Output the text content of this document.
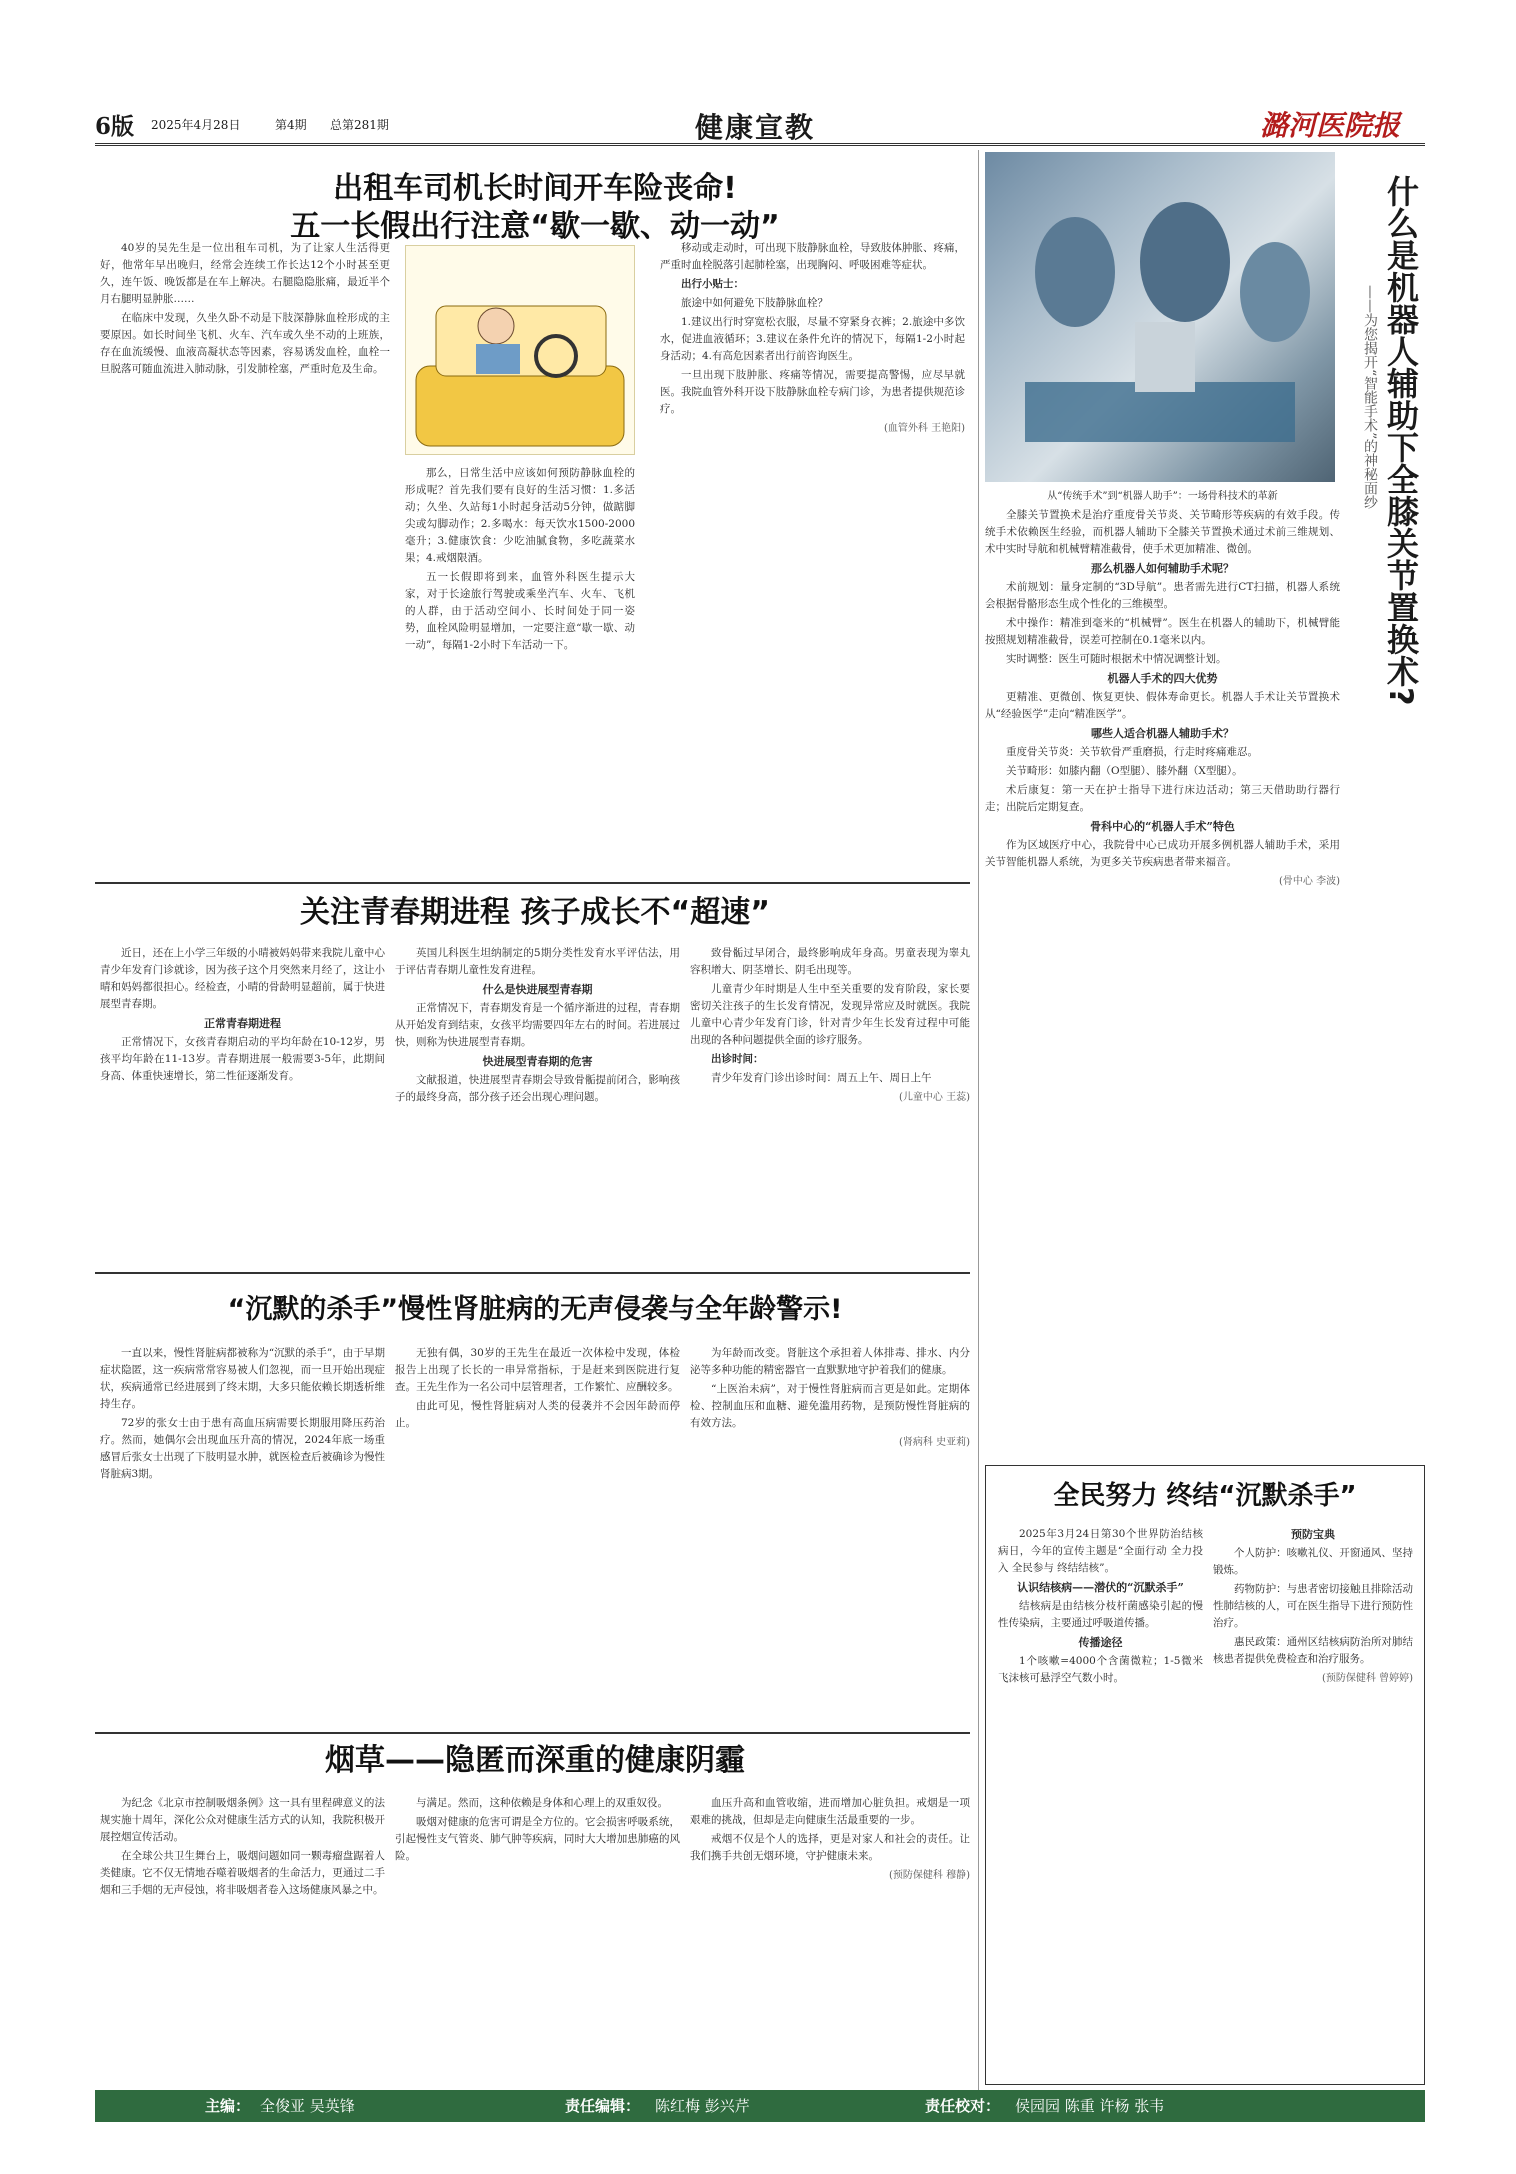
6版 2025年4月28日	第4期 总第281期	健康宣教	潞河医院报
出租车司机长时间开车险丧命!
五一长假出行注意“歇一歇、动一动”

40岁的吴先生是一位出租车司机，为了让家人生活得更好，他常年早出晚归，经常会连续工作长达12个小时甚至更久，连午饭、晚饭都是在车上解决。右腿隐隐胀痛，最近半个月右腿明显肿胀……

在临床中发现，久坐久卧不动是下肢深静脉血栓形成的主要原因。如长时间坐飞机、火车、汽车或久坐不动的上班族，存在血流缓慢、血液高凝状态等因素，容易诱发血栓，血栓一旦脱落可随血流进入肺动脉，引发肺栓塞，严重时危及生命。

那么，日常生活中应该如何预防静脉血栓的形成呢？首先我们要有良好的生活习惯：1.多活动；久坐、久站每1小时起身活动5分钟，做踮脚尖或勾脚动作；2.多喝水：每天饮水1500-2000毫升；3.健康饮食：少吃油腻食物，多吃蔬菜水果；4.戒烟限酒。

五一长假即将到来，血管外科医生提示大家，对于长途旅行驾驶或乘坐汽车、火车、飞机的人群，由于活动空间小、长时间处于同一姿势，血栓风险明显增加，一定要注意“歇一歇、动一动”，每隔1-2小时下车活动一下。

移动或走动时，可出现下肢静脉血栓，导致肢体肿胀、疼痛，严重时血栓脱落引起肺栓塞，出现胸闷、呼吸困难等症状。

出行小贴士：

旅途中如何避免下肢静脉血栓？

1.建议出行时穿宽松衣服，尽量不穿紧身衣裤；2.旅途中多饮水，促进血液循环；3.建议在条件允许的情况下，每隔1-2小时起身活动；4.有高危因素者出行前咨询医生。

一旦出现下肢肿胀、疼痛等情况，需要提高警惕，应尽早就医。我院血管外科开设下肢静脉血栓专病门诊，为患者提供规范诊疗。

(血管外科 王艳阳)

关注青春期进程 孩子成长不“超速”

近日，还在上小学三年级的小晴被妈妈带来我院儿童中心青少年发育门诊就诊，因为孩子这个月突然来月经了，这让小晴和妈妈都很担心。经检查，小晴的骨龄明显超前，属于快进展型青春期。

正常青春期进程

正常情况下，女孩青春期启动的平均年龄在10-12岁，男孩平均年龄在11-13岁。青春期进展一般需要3-5年，此期间身高、体重快速增长，第二性征逐渐发育。

英国儿科医生坦纳制定的5期分类性发育水平评估法，用于评估青春期儿童性发育进程。

什么是快进展型青春期

正常情况下，青春期发育是一个循序渐进的过程，青春期从开始发育到结束，女孩平均需要四年左右的时间。若进展过快，则称为快进展型青春期。

快进展型青春期的危害

文献报道，快进展型青春期会导致骨骺提前闭合，影响孩子的最终身高，部分孩子还会出现心理问题。

致骨骺过早闭合，最终影响成年身高。男童表现为睾丸容积增大、阴茎增长、阴毛出现等。

儿童青少年时期是人生中至关重要的发育阶段，家长要密切关注孩子的生长发育情况，发现异常应及时就医。我院儿童中心青少年发育门诊，针对青少年生长发育过程中可能出现的各种问题提供全面的诊疗服务。

出诊时间：

青少年发育门诊出诊时间：周五上午、周日上午

(儿童中心 王蕊)

“沉默的杀手”慢性肾脏病的无声侵袭与全年龄警示!

一直以来，慢性肾脏病都被称为“沉默的杀手”，由于早期症状隐匿，这一疾病常常容易被人们忽视，而一旦开始出现症状，疾病通常已经进展到了终末期，大多只能依赖长期透析维持生存。

72岁的张女士由于患有高血压病需要长期服用降压药治疗。然而，她偶尔会出现血压升高的情况，2024年底一场重感冒后张女士出现了下肢明显水肿，就医检查后被确诊为慢性肾脏病3期。

无独有偶，30岁的王先生在最近一次体检中发现，体检报告上出现了长长的一串异常指标，于是赶来到医院进行复查。王先生作为一名公司中层管理者，工作繁忙、应酬较多。

由此可见，慢性肾脏病对人类的侵袭并不会因年龄而停止。

为年龄而改变。肾脏这个承担着人体排毒、排水、内分泌等多种功能的精密器官一直默默地守护着我们的健康。

“上医治未病”，对于慢性肾脏病而言更是如此。定期体检、控制血压和血糖、避免滥用药物，是预防慢性肾脏病的有效方法。

(肾病科 史亚莉)

烟草——隐匿而深重的健康阴霾

为纪念《北京市控制吸烟条例》这一具有里程碑意义的法规实施十周年，深化公众对健康生活方式的认知，我院积极开展控烟宣传活动。

在全球公共卫生舞台上，吸烟问题如同一颗毒瘤盘踞着人类健康。它不仅无情地吞噬着吸烟者的生命活力，更通过二手烟和三手烟的无声侵蚀，将非吸烟者卷入这场健康风暴之中。

与满足。然而，这种依赖是身体和心理上的双重奴役。

吸烟对健康的危害可谓是全方位的。它会损害呼吸系统，引起慢性支气管炎、肺气肿等疾病，同时大大增加患肺癌的风险。

血压升高和血管收缩，进而增加心脏负担。戒烟是一项艰难的挑战，但却是走向健康生活最重要的一步。

戒烟不仅是个人的选择，更是对家人和社会的责任。让我们携手共创无烟环境，守护健康未来。

(预防保健科 穆静)

什么是机器人辅助下全膝关节置换术?
——为您揭开“智能手术”的神秘面纱

从“传统手术”到“机器人助手”：一场骨科技术的革新

全膝关节置换术是治疗重度骨关节炎、关节畸形等疾病的有效手段。传统手术依赖医生经验，而机器人辅助下全膝关节置换术通过术前三维规划、术中实时导航和机械臂精准截骨，使手术更加精准、微创。

那么机器人如何辅助手术呢？

术前规划：量身定制的“3D导航”。患者需先进行CT扫描，机器人系统会根据骨骼形态生成个性化的三维模型。

术中操作：精准到毫米的“机械臂”。医生在机器人的辅助下，机械臂能按照规划精准截骨，误差可控制在0.1毫米以内。

实时调整：医生可随时根据术中情况调整计划。

机器人手术的四大优势

更精准、更微创、恢复更快、假体寿命更长。机器人手术让关节置换术从“经验医学”走向“精准医学”。

哪些人适合机器人辅助手术？

重度骨关节炎：关节软骨严重磨损，行走时疼痛难忍。

关节畸形：如膝内翻（O型腿）、膝外翻（X型腿）。

术后康复：第一天在护士指导下进行床边活动；第三天借助助行器行走；出院后定期复查。

骨科中心的“机器人手术”特色

作为区域医疗中心，我院骨中心已成功开展多例机器人辅助手术，采用关节智能机器人系统，为更多关节疾病患者带来福音。

(骨中心 李波)

全民努力 终结“沉默杀手”

2025年3月24日第30个世界防治结核病日，今年的宣传主题是“全面行动 全力投入 全民参与 终结结核”。

认识结核病——潜伏的“沉默杀手”

结核病是由结核分枝杆菌感染引起的慢性传染病，主要通过呼吸道传播。

传播途径

1个咳嗽=4000个含菌微粒；1-5微米飞沫核可悬浮空气数小时。

预防宝典

个人防护：咳嗽礼仪、开窗通风、坚持锻炼。

药物防护：与患者密切接触且排除活动性肺结核的人，可在医生指导下进行预防性治疗。

惠民政策：通州区结核病防治所对肺结核患者提供免费检查和治疗服务。

(预防保健科 曾婷婷)

主编： 全俊亚 吴英锋	责任编辑： 陈红梅 彭兴芹	责任校对： 侯园园 陈重 许杨 张韦
